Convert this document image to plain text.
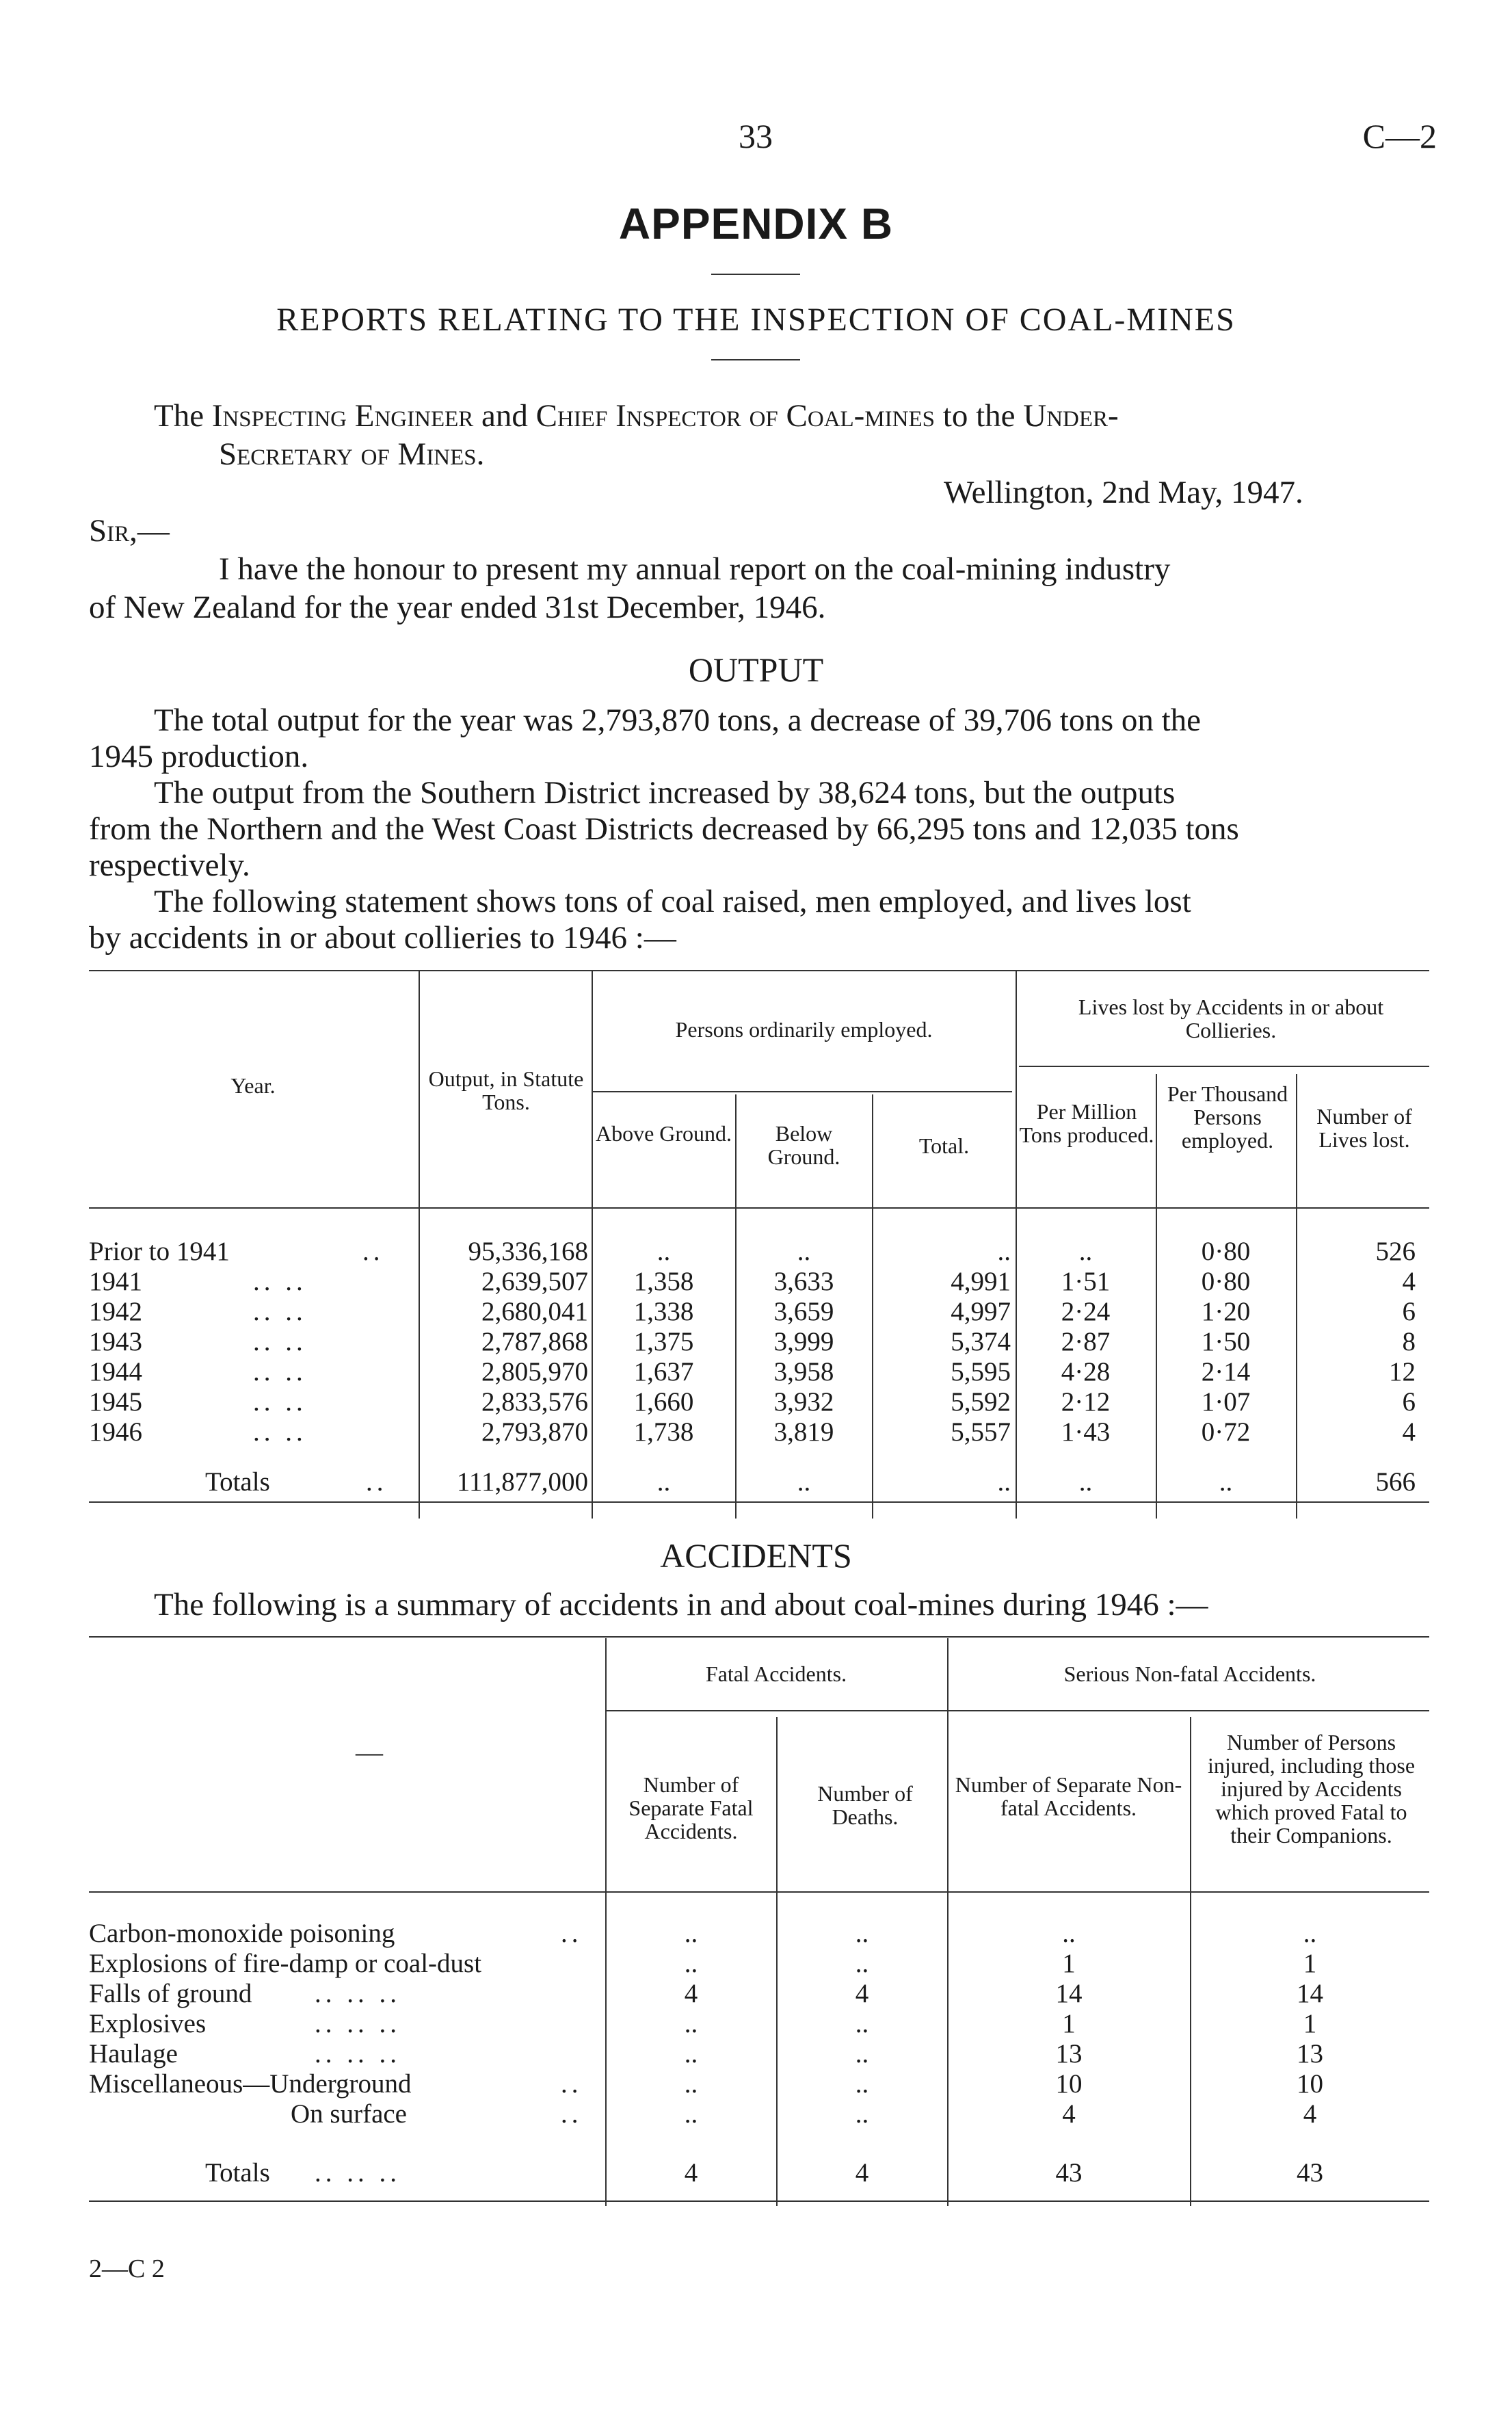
33	C—2
APPENDIX B
REPORTS RELATING TO THE INSPECTION OF COAL-MINES
The Inspecting Engineer and Chief Inspector of Coal-mines to the Under-
Secretary of Mines.
Wellington, 2nd May, 1947.
Sir,—
I have the honour to present my annual report on the coal-mining industry
of New Zealand for the year ended 31st December, 1946.
OUTPUT
The total output for the year was 2,793,870 tons, a decrease of 39,706 tons on the
1945 production.
The output from the Southern District increased by 38,624 tons, but the outputs
from the Northern and the West Coast Districts decreased by 66,295 tons and 12,035 tons
respectively.
The following statement shows tons of coal raised, men employed, and lives lost
by accidents in or about collieries to 1946 :—
Year.	Output, in Statute Tons.
Persons ordinarily employed.
Above Ground.	Below Ground.	Total.
Lives lost by Accidents in or about Collieries.
Per Million Tons produced.
Per Thousand Persons employed.
Number of Lives lost.
Prior to 1941	..	95,336,168	..	..	..	..	0·80	526
1941	.. ..	2,639,507	1,358	3,633	4,991	1·51	0·80	4
1942	.. ..	2,680,041	1,338	3,659	4,997	2·24	1·20	6
1943	.. ..	2,787,868	1,375	3,999	5,374	2·87	1·50	8
1944	.. ..	2,805,970	1,637	3,958	5,595	4·28	2·14	12
1945	.. ..	2,833,576	1,660	3,932	5,592	2·12	1·07	6
1946	.. ..	2,793,870	1,738	3,819	5,557	1·43	0·72	4
Totals	..	111,877,000	..	..	..	..	..	566
ACCIDENTS
The following is a summary of accidents in and about coal-mines during 1946 :—
—
Fatal Accidents.	Serious Non-fatal Accidents.
Number of Separate Fatal Accidents.
Number of Deaths.
Number of Separate Non-fatal Accidents.
Number of Persons injured, including those injured by Accidents which proved Fatal to their Companions.
Carbon-monoxide poisoning	..	..	..	..	..
Explosions of fire-damp or coal-dust	..	..	1	1
Falls of ground .. .. ..	4	4	14	14
Explosives	.. .. ..	..	..	1	1
Haulage	.. .. ..	..	..	13	13
Miscellaneous—Underground	..	..	..	10	10
On surface	..	..	..	4	4
Totals .. .. ..	4	4	43	43
2—C 2
